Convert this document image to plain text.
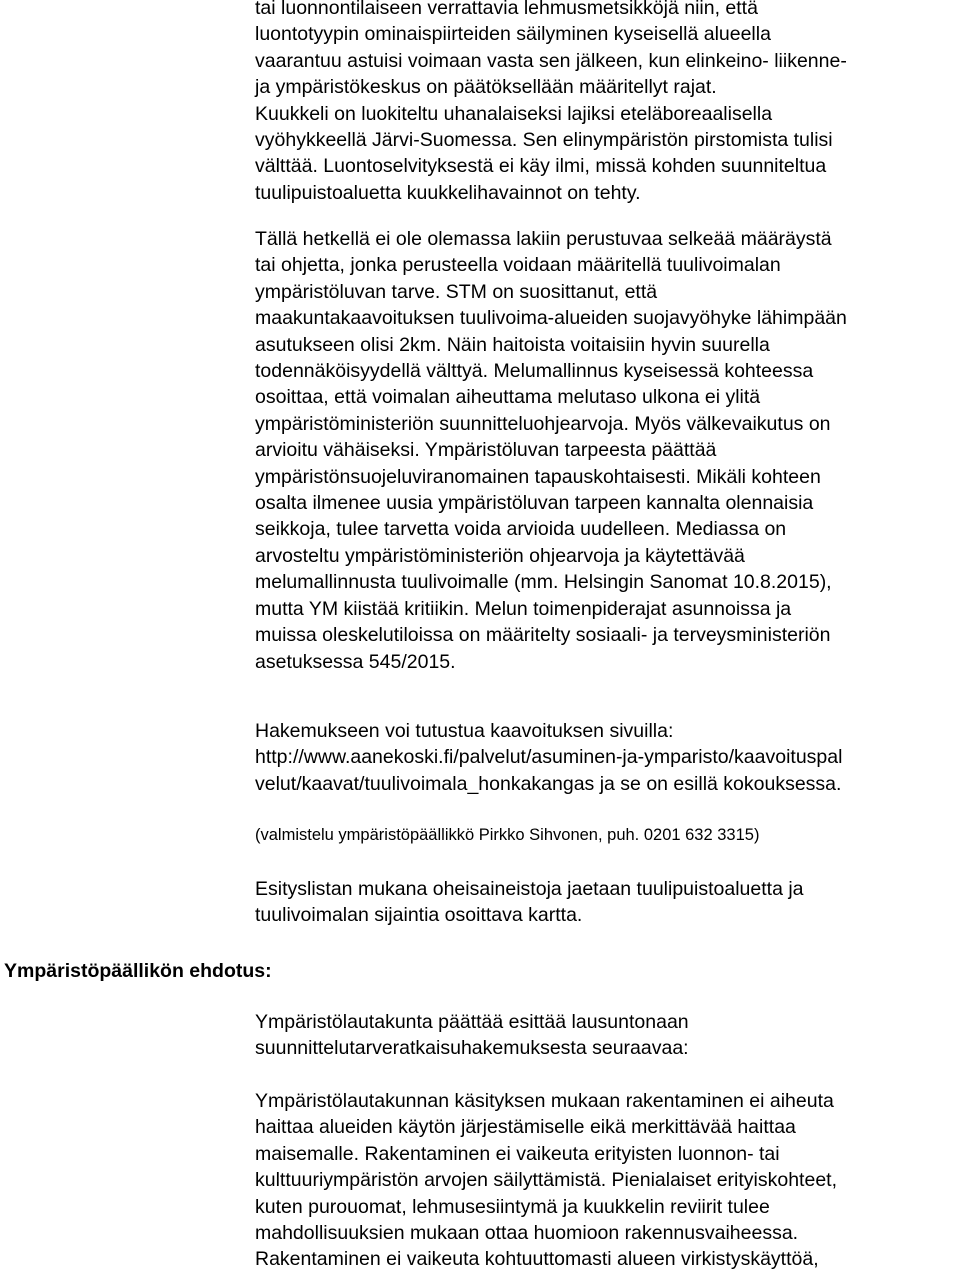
tai luonnontilaiseen verrattavia lehmusmetsikköjä niin, että
luontotyypin ominaispiirteiden säilyminen kyseisellä alueella
vaarantuu astuisi voimaan vasta sen jälkeen, kun elinkeino- liikenne-
ja ympäristökeskus on päätöksellään määritellyt rajat.
Kuukkeli on luokiteltu uhanalaiseksi lajiksi eteläboreaalisella
vyöhykkeellä Järvi-Suomessa. Sen elinympäristön pirstomista tulisi
välttää. Luontoselvityksestä ei käy ilmi, missä kohden suunniteltua
tuulipuistoaluetta kuukkelihavainnot on tehty.

Tällä hetkellä ei ole olemassa lakiin perustuvaa selkeää määräystä
tai ohjetta, jonka perusteella voidaan määritellä tuulivoimalan
ympäristöluvan tarve. STM on suosittanut, että
maakuntakaavoituksen tuulivoima-alueiden suojavyöhyke lähimpään
asutukseen olisi 2km. Näin haitoista voitaisiin hyvin suurella
todennäköisyydellä välttyä. Melumallinnus kyseisessä kohteessa
osoittaa, että voimalan aiheuttama melutaso ulkona ei ylitä
ympäristöministeriön suunnitteluohjearvoja. Myös välkevaikutus on
arvioitu vähäiseksi. Ympäristöluvan tarpeesta päättää
ympäristönsuojeluviranomainen tapauskohtaisesti. Mikäli kohteen
osalta ilmenee uusia ympäristöluvan tarpeen kannalta olennaisia
seikkoja, tulee tarvetta voida arvioida uudelleen. Mediassa on
arvosteltu ympäristöministeriön ohjearvoja ja käytettävää
melumallinnusta tuulivoimalle (mm. Helsingin Sanomat 10.8.2015),
mutta YM kiistää kritiikin. Melun toimenpiderajat asunnoissa ja
muissa oleskelutiloissa on määritelty sosiaali- ja terveysministeriön
asetuksessa 545/2015.

Hakemukseen voi tutustua kaavoituksen sivuilla:
http://www.aanekoski.fi/palvelut/asuminen-ja-ymparisto/kaavoituspal
velut/kaavat/tuulivoimala_honkakangas ja se on esillä kokouksessa.

(valmistelu ympäristöpäällikkö Pirkko Sihvonen, puh. 0201 632 3315)

Esityslistan mukana oheisaineistoja jaetaan tuulipuistoaluetta ja
tuulivoimalan sijaintia osoittava kartta.

Ympäristöpäällikön ehdotus:

Ympäristölautakunta päättää esittää lausuntonaan
suunnittelutarveratkaisuhakemuksesta seuraavaa:

Ympäristölautakunnan käsityksen mukaan rakentaminen ei aiheuta
haittaa alueiden käytön järjestämiselle eikä merkittävää haittaa
maisemalle. Rakentaminen ei vaikeuta erityisten luonnon- tai
kulttuuriympäristön arvojen säilyttämistä. Pienialaiset erityiskohteet,
kuten purouomat, lehmusesiintymä ja kuukkelin reviirit tulee
mahdollisuuksien mukaan ottaa huomioon rakennusvaiheessa.
Rakentaminen ei vaikeuta kohtuuttomasti alueen virkistyskäyttöä,
